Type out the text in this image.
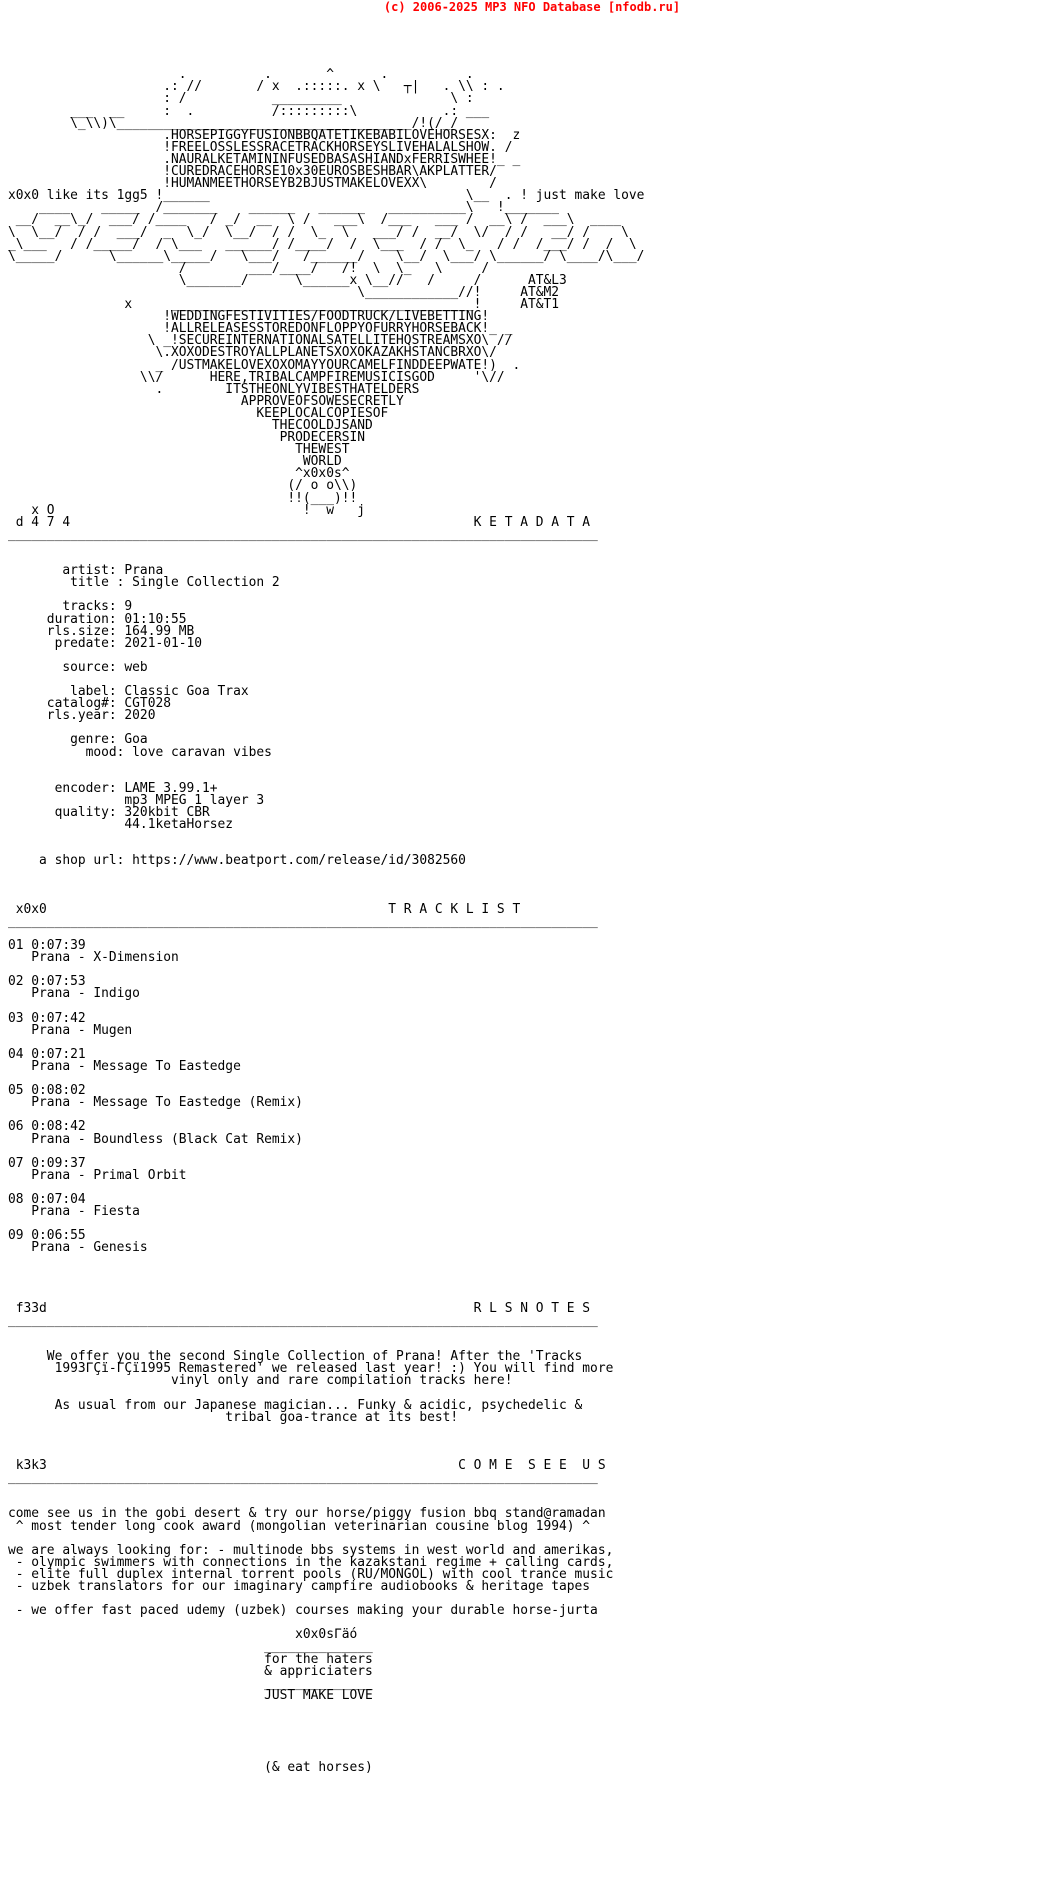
(c) 2006-2025 MP3 NFO Database [nfodb.ru]

.          .       ^      .          .
.: //       / x  .:::::. x \   ┬|   . \\ : .
: /           _________              \ :
___  __     :  .          /:::::::::\           .: ___
\_\\)\______________________________________/!(/_/
.HORSEPIGGYFUSIONBBQATETIKEBABILOVEHORSESX:  z
!FREELOSSLESSRACETRACKHORSEYSLIVEHALALSHOW. /
.NAURALKETAMININFUSEDBASASHIANDxFERRISWHEE!_ _
!CUREDRACEHORSE10x30EUROSBESHBAR\AKPLATTER/
!HUMANMEETHORSEYB2BJUSTMAKELOVEXX\        /
x0x0 like its 1gg5 !______                                 \__  . ! just make love
____    _____  /_______    ______   ______   __________\   !_______
__/  __\_/  ___/ /____   / _/  __  \ /   ___\  /___   ___ /  __\ /  ___\  ____
\  \__/  / /  ___/  _  \_/  \__/  / /  \_  \   ___/ /  __/  \/  / /   __/ /    \
_\___   / /_____/  / \___   ______/ /____/  /  \___  / /  \_   / /  /___/ /  /  \
\_____/      \______\_____/   \___/   /______/    \__/  \___/ \______/ \____/\___/
/        ___/____/   /!  \  \_   \     /
\_______/      \______x \__//   /     /      AT&L3
\____________//!     AT&M2
x     _______________________________________!     AT&T1
!WEDDINGFESTIVITIES/FOODTRUCK/LIVEBETTING!
!ALLRELEASESSTOREDONFLOPPYOFURRYHORSEBACK!_ _
\ _!SECUREINTERNATIONALSATELLITEHQSTREAMSXO\ //
\.XOXODESTROYALLPLANETSXOXOKAZAKHSTANCBRXO\/
_ /USTMAKELOVEXOXOMAYYOURCAMELFINDDEEPWATE!)  .
\\/      HERE,TRIBALCAMPFIREMUSICISGOD     '\//
.        ITSTHEONLYVIBESTHATELDERS
APPROVEOFSOWESECRETLY
KEEPLOCALCOPIESOF
THECOOLDJSAND
PRODECERSIN
THEWEST
WORLD
^x0x0s^
(/ o o\\)
!!(___)!!
x O                                !  w   j
d 4 7 4                                                    K E T A D A T A
____________________________________________________________________________

artist: Prana
title : Single Collection 2

tracks: 9
duration: 01:10:55
rls.size: 164.99 MB
predate: 2021-01-10

source: web

label: Classic Goa Trax
catalog#: CGT028
rls.year: 2020

genre: Goa
mood: love caravan vibes

encoder: LAME 3.99.1+
mp3 MPEG 1 layer 3
quality: 320kbit CBR
44.1ketaHorsez

a shop url: https://www.beatport.com/release/id/3082560

x0x0                                            T R A C K L I S T
____________________________________________________________________________

01 0:07:39
Prana - X-Dimension

02 0:07:53
Prana - Indigo

03 0:07:42
Prana - Mugen

04 0:07:21
Prana - Message To Eastedge

05 0:08:02
Prana - Message To Eastedge (Remix)

06 0:08:42
Prana - Boundless (Black Cat Remix)

07 0:09:37
Prana - Primal Orbit

08 0:07:04
Prana - Fiesta

09 0:06:55
Prana - Genesis

f33d                                                       R L S N O T E S
____________________________________________________________________________

We offer you the second Single Collection of Prana! After the 'Tracks
1993ΓÇï-ΓÇï1995 Remastered' we released last year! :) You will find more
vinyl only and rare compilation tracks here!

As usual from our Japanese magician... Funky & acidic, psychedelic &
tribal goa-trance at its best!

k3k3                                                     C O M E  S E E  U S
____________________________________________________________________________

come see us in the gobi desert & try our horse/piggy fusion bbq stand@ramadan
^ most tender long cook award (mongolian veterinarian cousine blog 1994) ^

we are always looking for: - multinode bbs systems in west world and amerikas,
- olympic swimmers with connections in the kazakstani regime + calling cards,
- elite full duplex internal torrent pools (RU/MONGOL) with cool trance music
- uzbek translators for our imaginary campfire audiobooks & heritage tapes

- we offer fast paced udemy (uzbek) courses making your durable horse-jurta

x0x0sΓäó
______________
for the haters
& appriciaters
______________
JUST MAKE LOVE

(& eat horses)
